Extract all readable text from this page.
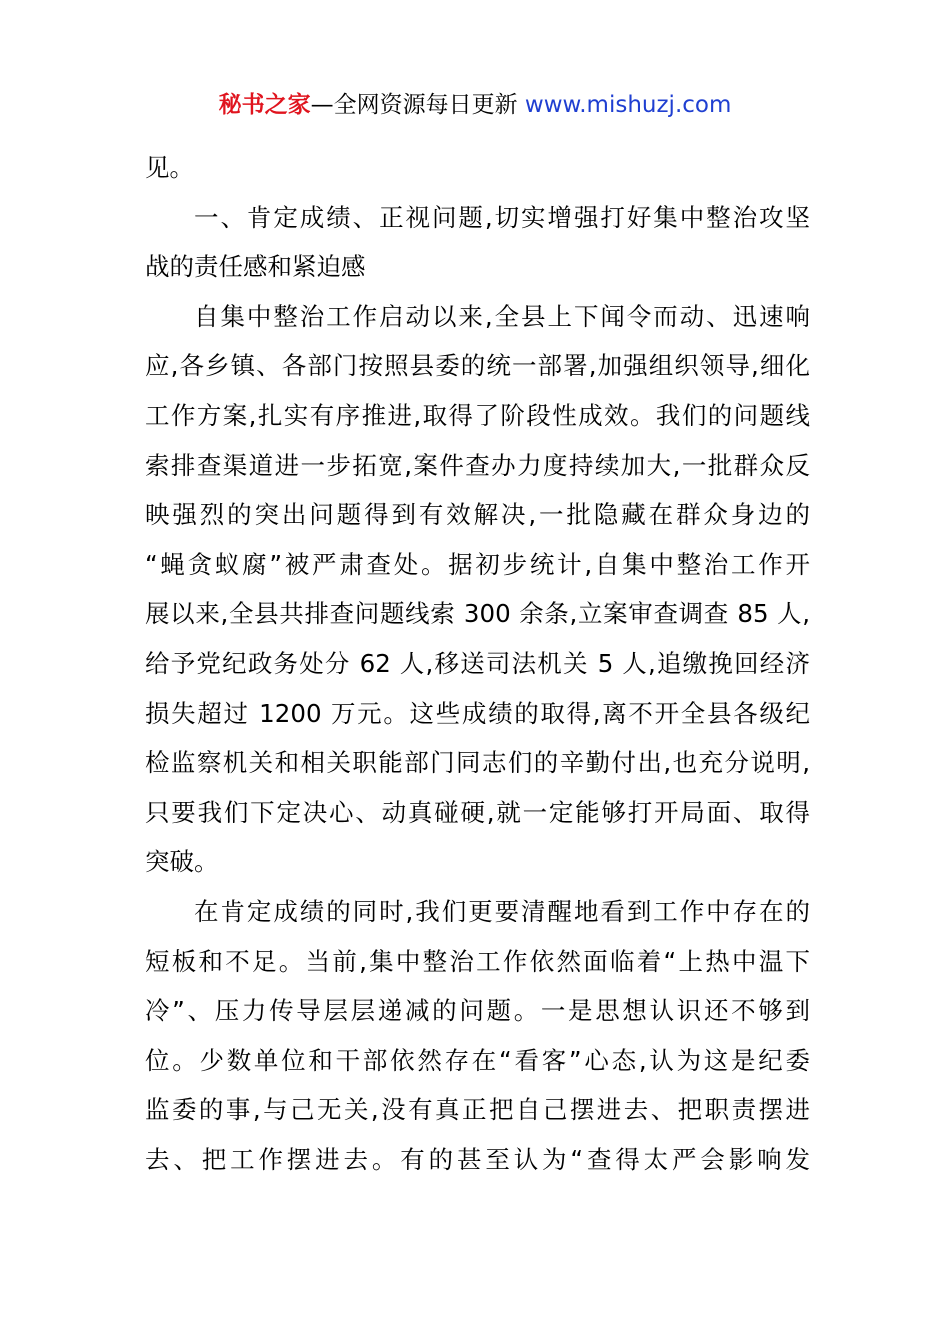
秘书之家—全网资源每日更新 www.mishuzj.com
见。
一、肯定成绩、正视问题,切实增强打好集中整治攻坚
战的责任感和紧迫感
自集中整治工作启动以来,全县上下闻令而动、迅速响
应,各乡镇、各部门按照县委的统一部署,加强组织领导,细化
工作方案,扎实有序推进,取得了阶段性成效。我们的问题线
索排查渠道进一步拓宽,案件查办力度持续加大,一批群众反
映强烈的突出问题得到有效解决,一批隐藏在群众身边的
“蝇贪蚁腐”被严肃查处。据初步统计,自集中整治工作开
展以来,全县共排查问题线索 300 余条,立案审查调查 85 人,
给予党纪政务处分 62 人,移送司法机关 5 人,追缴挽回经济
损失超过 1200 万元。这些成绩的取得,离不开全县各级纪
检监察机关和相关职能部门同志们的辛勤付出,也充分说明,
只要我们下定决心、动真碰硬,就一定能够打开局面、取得
突破。
在肯定成绩的同时,我们更要清醒地看到工作中存在的
短板和不足。当前,集中整治工作依然面临着“上热中温下
冷”、压力传导层层递减的问题。一是思想认识还不够到
位。少数单位和干部依然存在“看客”心态,认为这是纪委
监委的事,与己无关,没有真正把自己摆进去、把职责摆进
去、把工作摆进去。有的甚至认为“查得太严会影响发
